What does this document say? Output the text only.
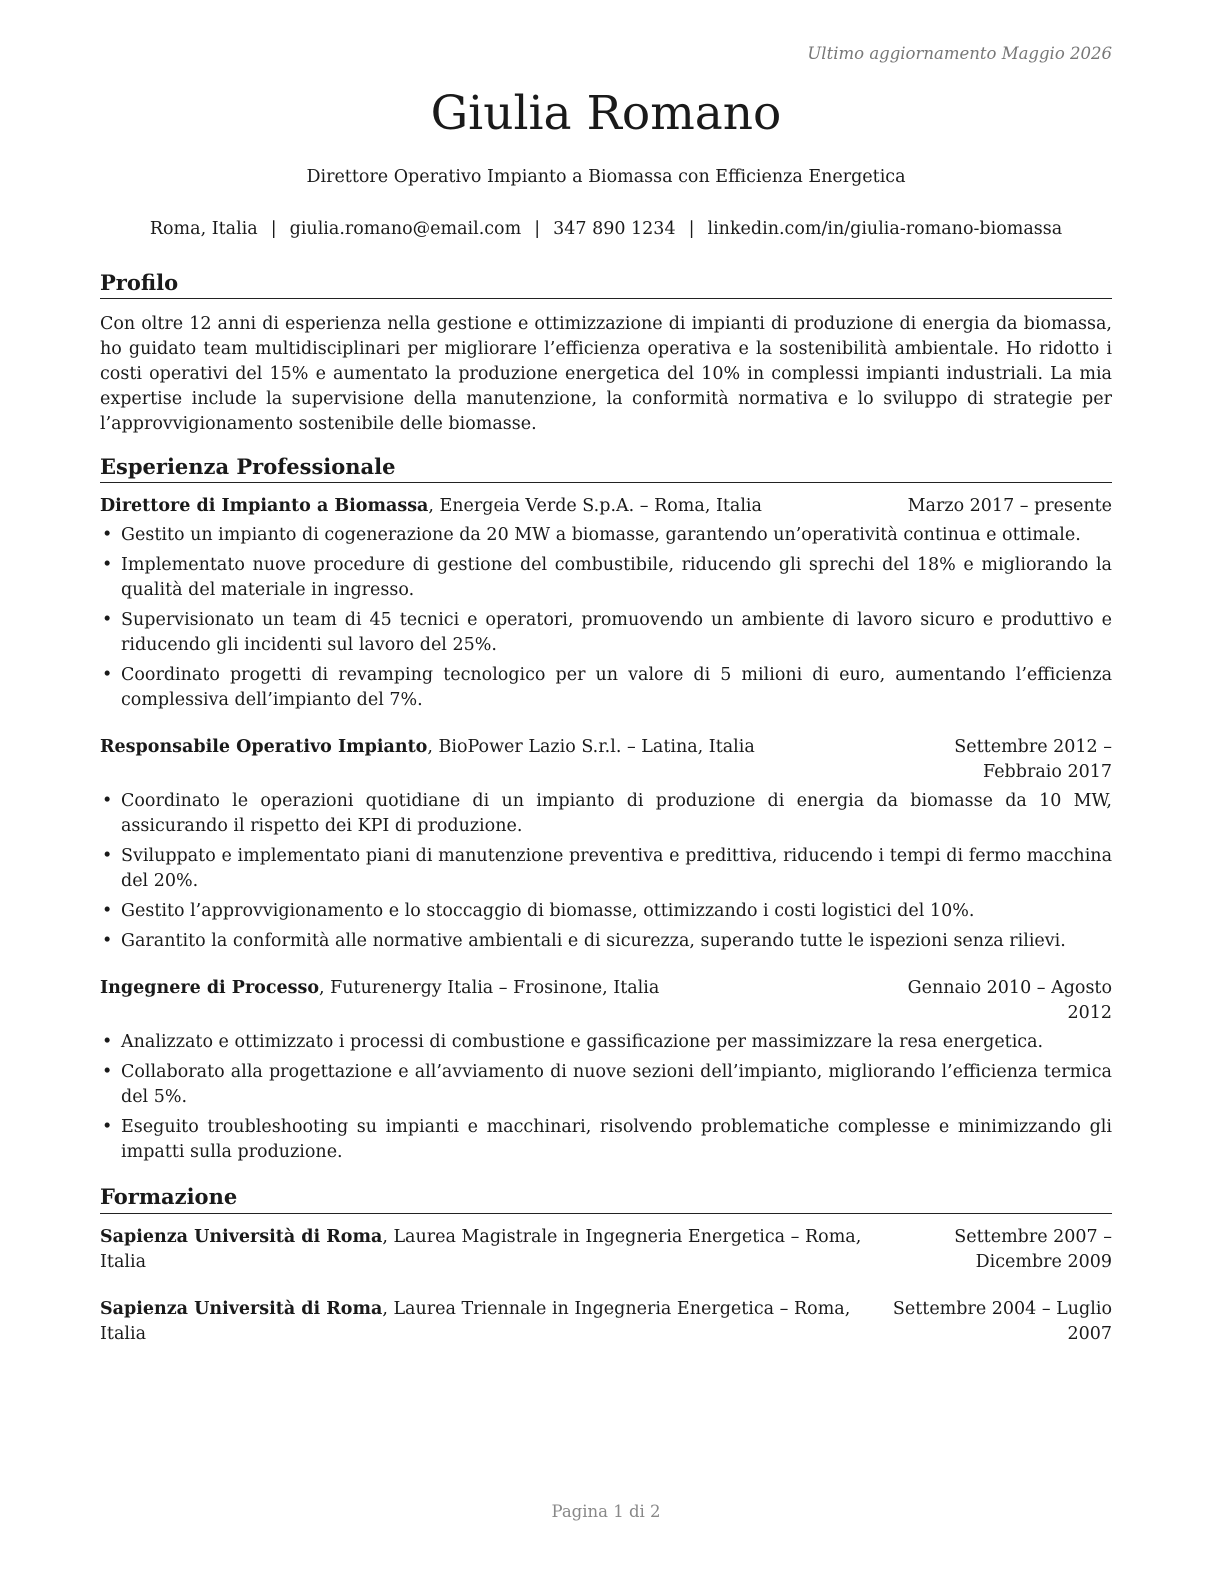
Ultimo aggiornamento Maggio 2026
Giulia Romano
Direttore Operativo Impianto a Biomassa con Efficienza Energetica
Roma, Italia | giulia.romano@email.com | 347 890 1234 | linkedin.com/in/giulia-romano-biomassa
Profilo

Con oltre 12 anni di esperienza nella gestione e ottimizzazione di impianti di produzione di energia da biomassa, ho guidato team multidisciplinari per migliorare l’efficienza operativa e la sostenibilità ambientale. Ho ridotto i costi operativi del 15% e aumentato la produzione energetica del 10% in complessi impianti industriali. La mia expertise include la supervisione della manutenzione, la conformità normativa e lo sviluppo di strategie per l’approvvigionamento sostenibile delle biomasse.

Esperienza Professionale
Direttore di Impianto a Biomassa, Energeia Verde S.p.A. – Roma, Italia	Marzo 2017 – presente
• Gestito un impianto di cogenerazione da 20 MW a biomasse, garantendo un’operatività continua e ottimale.
• Implementato nuove procedure di gestione del combustibile, riducendo gli sprechi del 18% e migliorando la qualità del materiale in ingresso.
• Supervisionato un team di 45 tecnici e operatori, promuovendo un ambiente di lavoro sicuro e produttivo e riducendo gli incidenti sul lavoro del 25%.
• Coordinato progetti di revamping tecnologico per un valore di 5 milioni di euro, aumentando l’efficienza complessiva dell’impianto del 7%.
Responsabile Operativo Impianto, BioPower Lazio S.r.l. – Latina, Italia	Settembre 2012 – Febbraio 2017
• Coordinato le operazioni quotidiane di un impianto di produzione di energia da biomasse da 10 MW, assicurando il rispetto dei KPI di produzione.
• Sviluppato e implementato piani di manutenzione preventiva e predittiva, riducendo i tempi di fermo macchina del 20%.
• Gestito l’approvvigionamento e lo stoccaggio di biomasse, ottimizzando i costi logistici del 10%.
• Garantito la conformità alle normative ambientali e di sicurezza, superando tutte le ispezioni senza rilievi.
Ingegnere di Processo, Futurenergy Italia – Frosinone, Italia	Gennaio 2010 – Agosto 2012
• Analizzato e ottimizzato i processi di combustione e gassificazione per massimizzare la resa energetica.
• Collaborato alla progettazione e all’avviamento di nuove sezioni dell’impianto, migliorando l’efficienza termica del 5%.
• Eseguito troubleshooting su impianti e macchinari, risolvendo problematiche complesse e minimizzando gli impatti sulla produzione.
Formazione
Sapienza Università di Roma, Laurea Magistrale in Ingegneria Energetica – Roma, Italia
Settembre 2007 – Dicembre 2009
Sapienza Università di Roma, Laurea Triennale in Ingegneria Energetica – Roma, Italia
Settembre 2004 – Luglio 2007
Pagina 1 di 2
